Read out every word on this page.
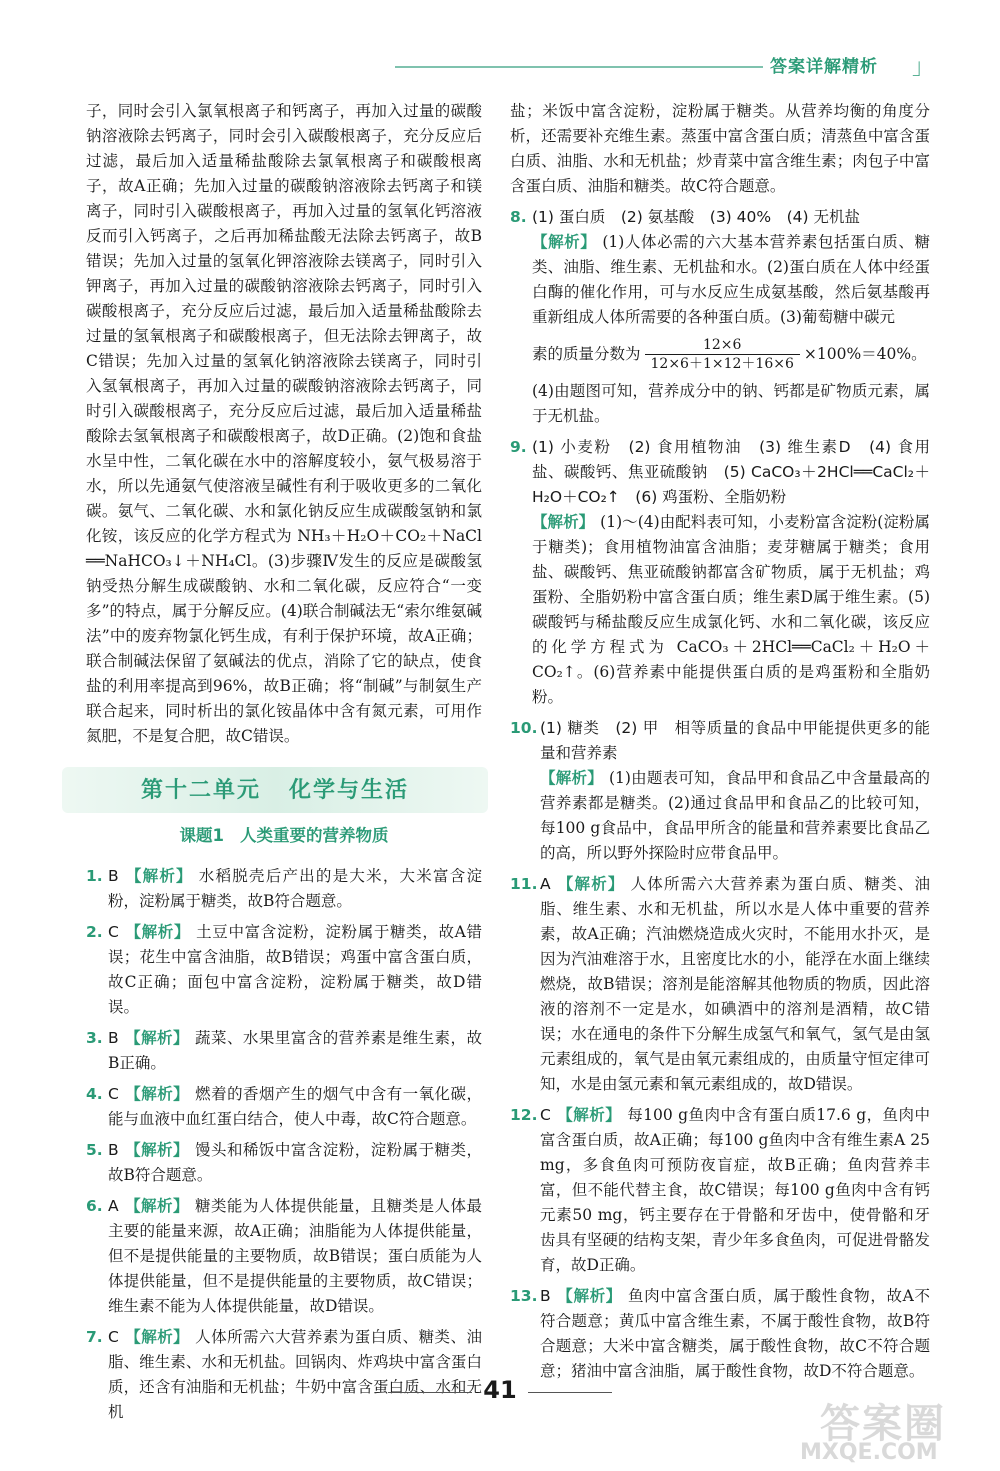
答案详解精析 」

子，同时会引入氯氧根离子和钙离子，再加入过量的碳酸钠溶液除去钙离子，同时会引入碳酸根离子，充分反应后过滤，最后加入适量稀盐酸除去氯氧根离子和碳酸根离子，故A正确；先加入过量的碳酸钠溶液除去钙离子和镁离子，同时引入碳酸根离子，再加入过量的氢氧化钙溶液反而引入钙离子，之后再加稀盐酸无法除去钙离子，故B错误；先加入过量的氢氧化钾溶液除去镁离子，同时引入钾离子，再加入过量的碳酸钠溶液除去钙离子，同时引入碳酸根离子，充分反应后过滤，最后加入适量稀盐酸除去过量的氢氧根离子和碳酸根离子，但无法除去钾离子，故C错误；先加入过量的氢氧化钠溶液除去镁离子，同时引入氢氧根离子，再加入过量的碳酸钠溶液除去钙离子，同时引入碳酸根离子，充分反应后过滤，最后加入适量稀盐酸除去氢氧根离子和碳酸根离子，故D正确。(2)饱和食盐水呈中性，二氧化碳在水中的溶解度较小，氨气极易溶于水，所以先通氨气使溶液呈碱性有利于吸收更多的二氧化碳。氨气、二氧化碳、水和氯化钠反应生成碳酸氢钠和氯化铵，该反应的化学方程式为 NH₃＋H₂O＋CO₂＋NaCl ══NaHCO₃↓＋NH₄Cl。(3)步骤Ⅳ发生的反应是碳酸氢钠受热分解生成碳酸钠、水和二氧化碳，反应符合“一变多”的特点，属于分解反应。(4)联合制碱法无“索尔维氨碱法”中的废弃物氯化钙生成，有利于保护环境，故A正确；联合制碱法保留了氨碱法的优点，消除了它的缺点，使食盐的利用率提高到96%，故B正确；将“制碱”与制氨生产联合起来，同时析出的氯化铵晶体中含有氮元素，可用作氮肥，不是复合肥，故C错误。

第十二单元 化学与生活
课题1 人类重要的营养物质
1. B 【解析】 水稻脱壳后产出的是大米，大米富含淀粉，淀粉属于糖类，故B符合题意。
2. C 【解析】 土豆中富含淀粉，淀粉属于糖类，故A错误；花生中富含油脂，故B错误；鸡蛋中富含蛋白质，故C正确；面包中富含淀粉，淀粉属于糖类，故D错误。
3. B 【解析】 蔬菜、水果里富含的营养素是维生素，故B正确。
4. C 【解析】 燃着的香烟产生的烟气中含有一氧化碳，能与血液中血红蛋白结合，使人中毒，故C符合题意。
5. B 【解析】 馒头和稀饭中富含淀粉，淀粉属于糖类，故B符合题意。
6. A 【解析】 糖类能为人体提供能量，且糖类是人体最主要的能量来源，故A正确；油脂能为人体提供能量，但不是提供能量的主要物质，故B错误；蛋白质能为人体提供能量，但不是提供能量的主要物质，故C错误；维生素不能为人体提供能量，故D错误。
7. C 【解析】 人体所需六大营养素为蛋白质、糖类、油脂、维生素、水和无机盐。回锅肉、炸鸡块中富含蛋白质，还含有油脂和无机盐；牛奶中富含蛋白质、水和无机

盐；米饭中富含淀粉，淀粉属于糖类。从营养均衡的角度分析，还需要补充维生素。蒸蛋中富含蛋白质；清蒸鱼中富含蛋白质、油脂、水和无机盐；炒青菜中富含维生素；肉包子中富含蛋白质、油脂和糖类。故C符合题意。

8. (1) 蛋白质　(2) 氨基酸　(3) 40%　(4) 无机盐
【解析】 (1)人体必需的六大基本营养素包括蛋白质、糖类、油脂、维生素、无机盐和水。(2)蛋白质在人体中经蛋白酶的催化作用，可与水反应生成氨基酸，然后氨基酸再重新组成人体所需要的各种蛋白质。(3)葡萄糖中碳元
素的质量分数为 $\frac{12\times 6}{12\times 6+1\times 12+16\times 6} \times 100\%=40\%$。
(4)由题图可知，营养成分中的钠、钙都是矿物质元素，属于无机盐。
9. (1) 小麦粉　(2) 食用植物油　(3) 维生素D　(4) 食用盐、碳酸钙、焦亚硫酸钠　(5) CaCO₃＋2HCl══CaCl₂＋H₂O＋CO₂↑　(6) 鸡蛋粉、全脂奶粉
【解析】 (1)～(4)由配料表可知，小麦粉富含淀粉(淀粉属于糖类)；食用植物油富含油脂；麦芽糖属于糖类；食用盐、碳酸钙、焦亚硫酸钠都富含矿物质，属于无机盐；鸡蛋粉、全脂奶粉中富含蛋白质；维生素D属于维生素。(5)碳酸钙与稀盐酸反应生成氯化钙、水和二氧化碳，该反应的化学方程式为 CaCO₃＋2HCl══CaCl₂＋H₂O＋CO₂↑。(6)营养素中能提供蛋白质的是鸡蛋粉和全脂奶粉。
10. (1) 糖类　(2) 甲　相等质量的食品中甲能提供更多的能量和营养素
【解析】 (1)由题表可知，食品甲和食品乙中含量最高的营养素都是糖类。(2)通过食品甲和食品乙的比较可知，每100 g食品中，食品甲所含的能量和营养素要比食品乙的高，所以野外探险时应带食品甲。
11. A 【解析】 人体所需六大营养素为蛋白质、糖类、油脂、维生素、水和无机盐，所以水是人体中重要的营养素，故A正确；汽油燃烧造成火灾时，不能用水扑灭，是因为汽油难溶于水，且密度比水的小，能浮在水面上继续燃烧，故B错误；溶剂是能溶解其他物质的物质，因此溶液的溶剂不一定是水，如碘酒中的溶剂是酒精，故C错误；水在通电的条件下分解生成氢气和氧气，氢气是由氢元素组成的，氧气是由氧元素组成的，由质量守恒定律可知，水是由氢元素和氧元素组成的，故D错误。
12. C 【解析】 每100 g鱼肉中含有蛋白质17.6 g，鱼肉中富含蛋白质，故A正确；每100 g鱼肉中含有维生素A 25 mg，多食鱼肉可预防夜盲症，故B正确；鱼肉营养丰富，但不能代替主食，故C错误；每100 g鱼肉中含有钙元素50 mg，钙主要存在于骨骼和牙齿中，使骨骼和牙齿具有坚硬的结构支架，青少年多食鱼肉，可促进骨骼发育，故D正确。
13. B 【解析】 鱼肉中富含蛋白质，属于酸性食物，故A不符合题意；黄瓜中富含维生素，不属于酸性食物，故B符合题意；大米中富含糖类，属于酸性食物，故C不符合题意；猪油中富含油脂，属于酸性食物，故D不符合题意。
41
答案圈
MXQE.COM
